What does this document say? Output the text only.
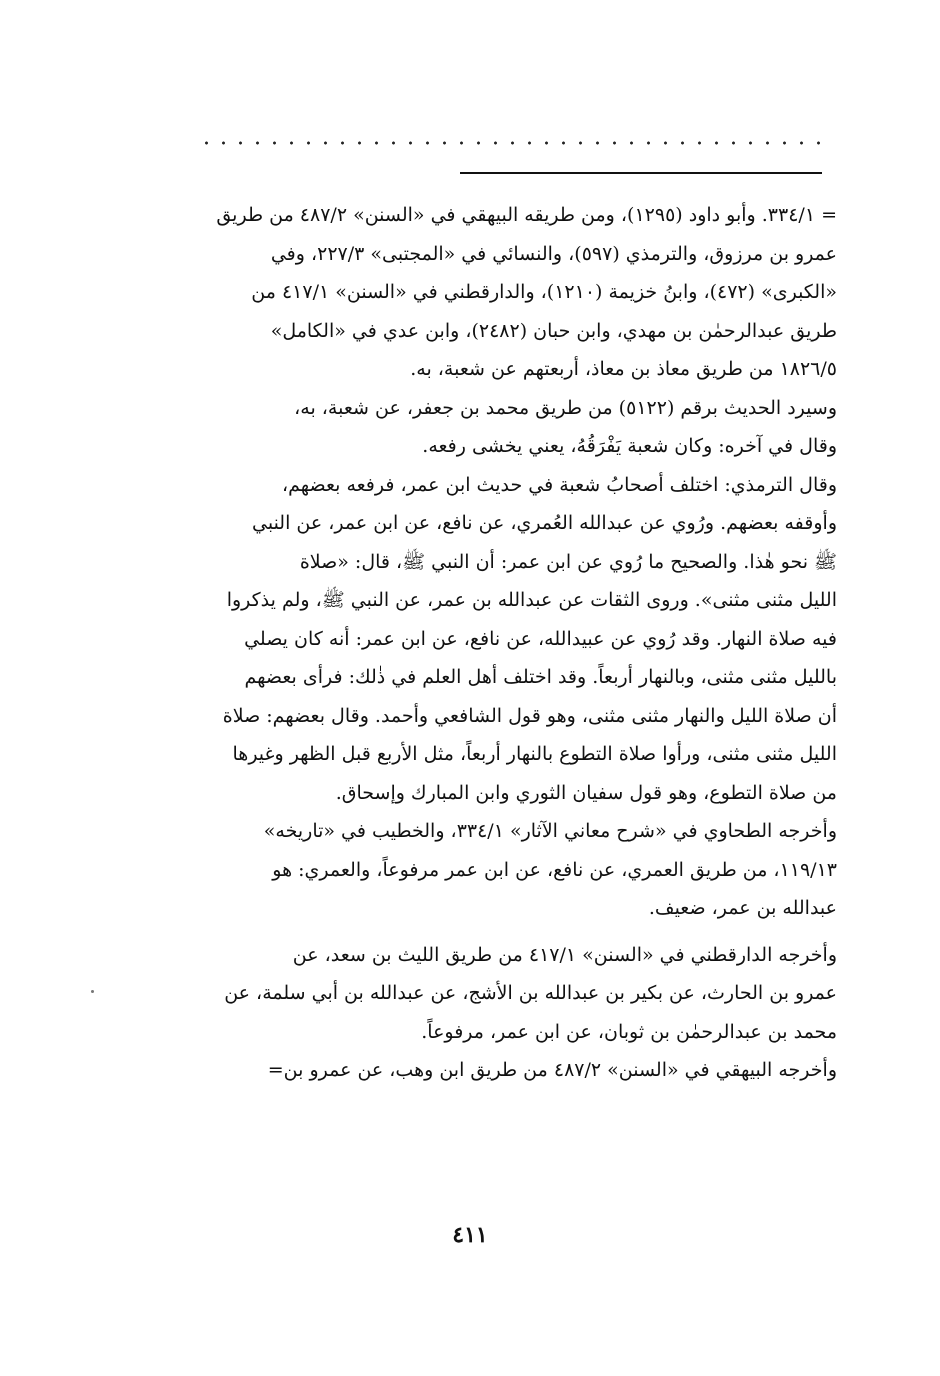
= ٣٣٤/١. وأبو داود (١٢٩٥)، ومن طريقه البيهقي في «السنن» ٤٨٧/٢ من طريق

عمرو بن مرزوق، والترمذي (٥٩٧)، والنسائي في «المجتبى» ٢٢٧/٣، وفي

«الكبرى» (٤٧٢)، وابنُ خزيمة (١٢١٠)، والدارقطني في «السنن» ٤١٧/١ من

طريق عبدالرحمٰن بن مهدي، وابن حبان (٢٤٨٢)، وابن عدي في «الكامل»

١٨٢٦/٥ من طريق معاذ بن معاذ، أربعتهم عن شعبة، به.

وسيرد الحديث برقم (٥١٢٢) من طريق محمد بن جعفر، عن شعبة، به،

وقال في آخره: وكان شعبة يَفْرَقُهُ، يعني يخشى رفعه.

وقال الترمذي: اختلف أصحابُ شعبة في حديث ابن عمر، فرفعه بعضهم،

وأوقفه بعضهم. ورُوي عن عبدالله العُمري، عن نافع، عن ابن عمر، عن النبي

ﷺ نحو هٰذا. والصحيح ما رُوي عن ابن عمر: أن النبي ﷺ، قال: «صلاة

الليل مثنى مثنى». وروى الثقات عن عبدالله بن عمر، عن النبي ﷺ، ولم يذكروا

فيه صلاة النهار. وقد رُوي عن عبيدالله، عن نافع، عن ابن عمر: أنه كان يصلي

بالليل مثنى مثنى، وبالنهار أربعاً. وقد اختلف أهل العلم في ذٰلك: فرأى بعضهم

أن صلاة الليل والنهار مثنى مثنى، وهو قول الشافعي وأحمد. وقال بعضهم: صلاة

الليل مثنى مثنى، ورأوا صلاة التطوع بالنهار أربعاً، مثل الأربع قبل الظهر وغيرها

من صلاة التطوع، وهو قول سفيان الثوري وابن المبارك وإسحاق.

وأخرجه الطحاوي في «شرح معاني الآثار» ٣٣٤/١، والخطيب في «تاريخه»

١١٩/١٣، من طريق العمري، عن نافع، عن ابن عمر مرفوعاً، والعمري: هو

عبدالله بن عمر، ضعيف.

وأخرجه الدارقطني في «السنن» ٤١٧/١ من طريق الليث بن سعد، عن

عمرو بن الحارث، عن بكير بن عبدالله بن الأشج، عن عبدالله بن أبي سلمة، عن

محمد بن عبدالرحمٰن بن ثوبان، عن ابن عمر، مرفوعاً.

وأخرجه البيهقي في «السنن» ٤٨٧/٢ من طريق ابن وهب، عن عمرو بن=

٤١١
